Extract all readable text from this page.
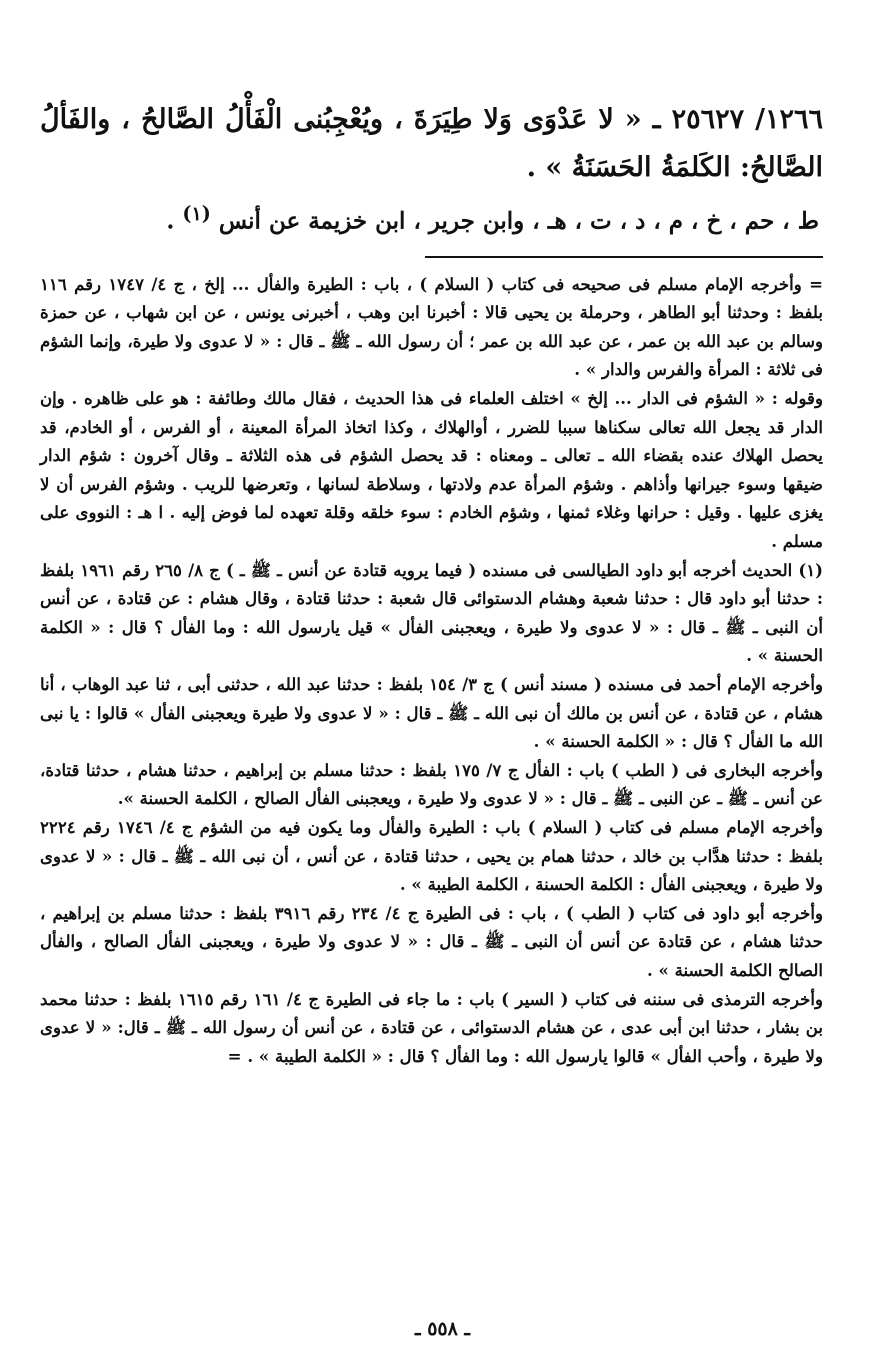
١٢٦٦/ ٢٥٦٢٧ ـ « لا عَدْوَى وَلا طِيَرَةَ ، ويُعْجِبُنى الْفَأْلُ الصَّالحُ ، والفَألُ الصَّالحُ: الكَلمَةُ الحَسَنَةُ » .

ط ، حم ، خ ، م ، د ، ت ، هـ ، وابن جرير ، ابن خزيمة عن أنس $^{(١)}$ .

= وأخرجه الإمام مسلم فى صحيحه فى كتاب ( السلام ) ، باب : الطيرة والفأل ... إلخ ، ج ٤/ ١٧٤٧ رقم ١١٦ بلفظ : وحدثنا أبو الطاهر ، وحرملة بن يحيى قالا : أخبرنا ابن وهب ، أخبرنى يونس ، عن ابن شهاب ، عن حمزة وسالم بن عبد الله بن عمر ، عن عبد الله بن عمر ؛ أن رسول الله ـ ﷺ ـ قال : « لا عدوى ولا طيرة، وإنما الشؤم فى ثلاثة : المرأة والفرس والدار » .

وقوله : « الشؤم فى الدار ... إلخ » اختلف العلماء فى هذا الحديث ، فقال مالك وطائفة : هو على ظاهره . وإن الدار قد يجعل الله تعالى سكناها سببا للضرر ، أوالهلاك ، وكذا اتخاذ المرأة المعينة ، أو الفرس ، أو الخادم، قد يحصل الهلاك عنده بقضاء الله ـ تعالى ـ ومعناه : قد يحصل الشؤم فى هذه الثلاثة ـ وقال آخرون : شؤم الدار ضيقها وسوء جيرانها وأذاهم . وشؤم المرأة عدم ولادتها ، وسلاطة لسانها ، وتعرضها للريب . وشؤم الفرس أن لا يغزى عليها . وقيل : حرانها وغلاء ثمنها ، وشؤم الخادم : سوء خلقه وقلة تعهده لما فوض إليه . ا هـ : النووى على مسلم .

(١) الحديث أخرجه أبو داود الطيالسى فى مسنده ( فيما يرويه قتادة عن أنس ـ ﷺ ـ ) ج ٨/ ٢٦٥ رقم ١٩٦١ بلفظ : حدثنا أبو داود قال : حدثنا شعبة وهشام الدستوائى قال شعبة : حدثنا قتادة ، وقال هشام : عن قتادة ، عن أنس أن النبى ـ ﷺ ـ قال : « لا عدوى ولا طيرة ، ويعجبنى الفأل » قيل يارسول الله : وما الفأل ؟ قال : « الكلمة الحسنة » .

وأخرجه الإمام أحمد فى مسنده ( مسند أنس ) ج ٣/ ١٥٤ بلفظ : حدثنا عبد الله ، حدثنى أبى ، ثنا عبد الوهاب ، أنا هشام ، عن قتادة ، عن أنس بن مالك أن نبى الله ـ ﷺ ـ قال : « لا عدوى ولا طيرة ويعجبنى الفأل » قالوا : يا نبى الله ما الفأل ؟ قال : « الكلمة الحسنة » .

وأخرجه البخارى فى ( الطب ) باب : الفأل ج ٧/ ١٧٥ بلفظ : حدثنا مسلم بن إبراهيم ، حدثنا هشام ، حدثنا قتادة، عن أنس ـ ﷺ ـ عن النبى ـ ﷺ ـ قال : « لا عدوى ولا طيرة ، ويعجبنى الفأل الصالح ، الكلمة الحسنة ».

وأخرجه الإمام مسلم فى كتاب ( السلام ) باب : الطيرة والفأل وما يكون فيه من الشؤم ج ٤/ ١٧٤٦ رقم ٢٢٢٤ بلفظ : حدثنا هدَّاب بن خالد ، حدثنا همام بن يحيى ، حدثنا قتادة ، عن أنس ، أن نبى الله ـ ﷺ ـ قال : « لا عدوى ولا طيرة ، ويعجبنى الفأل : الكلمة الحسنة ، الكلمة الطيبة » .

وأخرجه أبو داود فى كتاب ( الطب ) ، باب : فى الطيرة ج ٤/ ٢٣٤ رقم ٣٩١٦ بلفظ : حدثنا مسلم بن إبراهيم ، حدثنا هشام ، عن قتادة عن أنس أن النبى ـ ﷺ ـ قال : « لا عدوى ولا طيرة ، ويعجبنى الفأل الصالح ، والفأل الصالح الكلمة الحسنة » .

وأخرجه الترمذى فى سننه فى كتاب ( السير ) باب : ما جاء فى الطيرة ج ٤/ ١٦١ رقم ١٦١٥ بلفظ : حدثنا محمد بن بشار ، حدثنا ابن أبى عدى ، عن هشام الدستوائى ، عن قتادة ، عن أنس أن رسول الله ـ ﷺ ـ قال: « لا عدوى ولا طيرة ، وأحب الفأل » قالوا يارسول الله : وما الفأل ؟ قال : « الكلمة الطيبة » . =

ـ ٥٥٨ ـ
